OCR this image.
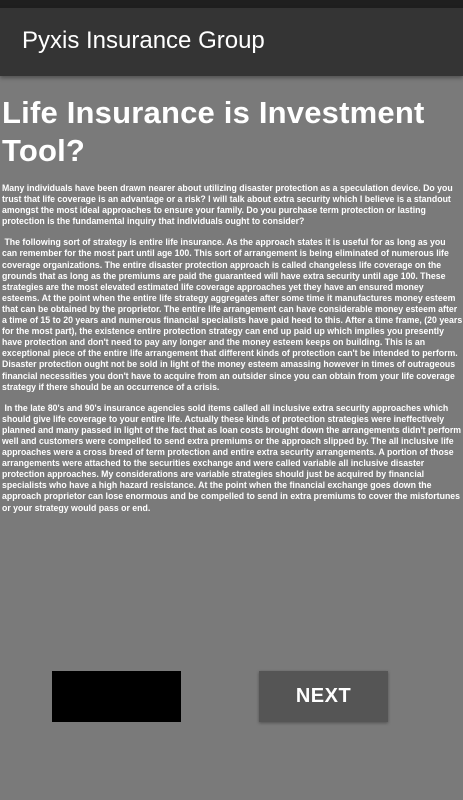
Pyxis Insurance Group
Life Insurance is Investment Tool?

Many individuals have been drawn nearer about utilizing disaster protection as a speculation device. Do you trust that life coverage is an advantage or a risk? I will talk about extra security which I believe is a standout amongst the most ideal approaches to ensure your family. Do you purchase term protection or lasting protection is the fundamental inquiry that individuals ought to consider?

The following sort of strategy is entire life insurance. As the approach states it is useful for as long as you can remember for the most part until age 100. This sort of arrangement is being eliminated of numerous life coverage organizations. The entire disaster protection approach is called changeless life coverage on the grounds that as long as the premiums are paid the guaranteed will have extra security until age 100. These strategies are the most elevated estimated life coverage approaches yet they have an ensured money esteems. At the point when the entire life strategy aggregates after some time it manufactures money esteem that can be obtained by the proprietor. The entire life arrangement can have considerable money esteem after a time of 15 to 20 years and numerous financial specialists have paid heed to this. After a time frame, (20 years for the most part), the existence entire protection strategy can end up paid up which implies you presently have protection and don't need to pay any longer and the money esteem keeps on building. This is an exceptional piece of the entire life arrangement that different kinds of protection can't be intended to perform. Disaster protection ought not be sold in light of the money esteem amassing however in times of outrageous financial necessities you don't have to acquire from an outsider since you can obtain from your life coverage strategy if there should be an occurrence of a crisis.

In the late 80's and 90's insurance agencies sold items called all inclusive extra security approaches which should give life coverage to your entire life. Actually these kinds of protection strategies were ineffectively planned and many passed in light of the fact that as loan costs brought down the arrangements didn't perform well and customers were compelled to send extra premiums or the approach slipped by. The all inclusive life approaches were a cross breed of term protection and entire extra security arrangements. A portion of those arrangements were attached to the securities exchange and were called variable all inclusive disaster protection approaches. My considerations are variable strategies should just be acquired by financial specialists who have a high hazard resistance. At the point when the financial exchange goes down the approach proprietor can lose enormous and be compelled to send in extra premiums to cover the misfortunes or your strategy would pass or end.

NEXT
